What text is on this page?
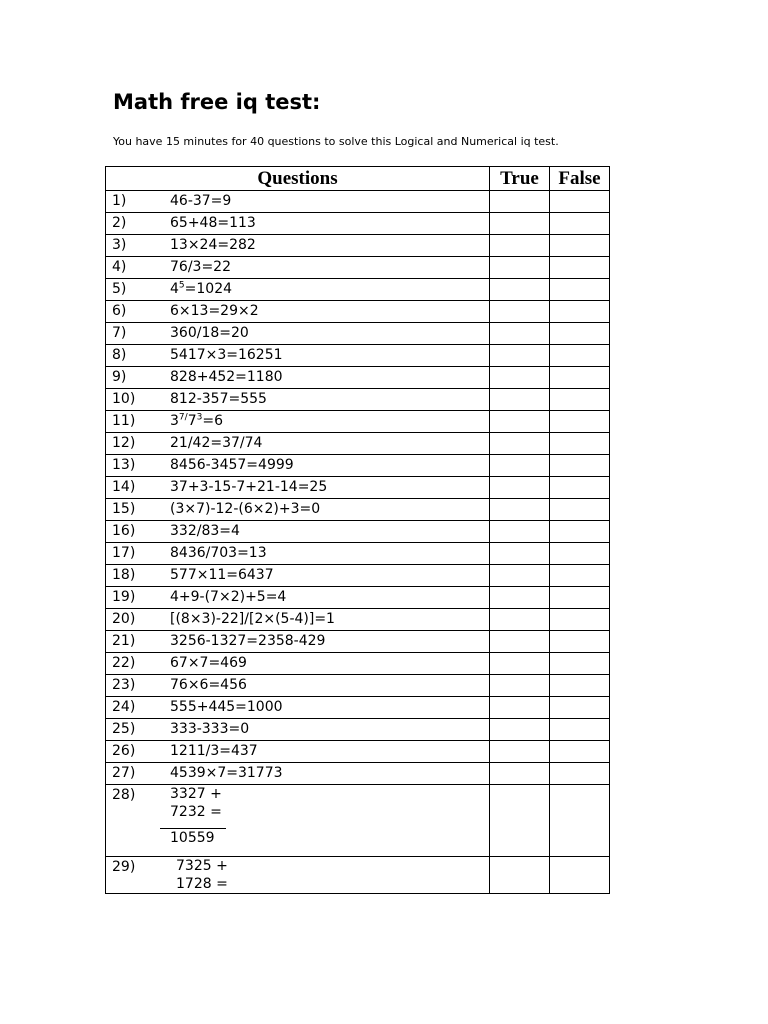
Math free iq test:

You have 15 minutes for 40 questions to solve this Logical and Numerical iq test.

Questions	True	False
1) 46-37=9		
2) 65+48=113		
3) 13×24=282		
4) 76/3=22		
5) $4^5=1024$		
6) 6×13=29×2		
7) 360/18=20		
8) 5417×3=16251		
9) 828+452=1180		
10) 812-357=555		
11) $3^{7/}7^3=6$		
12) 21/42=37/74		
13) 8456-3457=4999		
14) 37+3-15-7+21-14=25		
15) (3×7)-12-(6×2)+3=0		
16) 332/83=4		
17) 8436/703=13		
18) 577×11=6437		
19) 4+9-(7×2)+5=4		
20) [(8×3)-22]/[2×(5-4)]=1		
21) 3256-1327=2358-429		
22) 67×7=469		
23) 76×6=456		
24) 555+445=1000		
25) 333-333=0		
26) 1211/3=437		
27) 4539×7=31773		
28) 3327 +
7232 =
10559		

29) 7325 +
1728 =		
